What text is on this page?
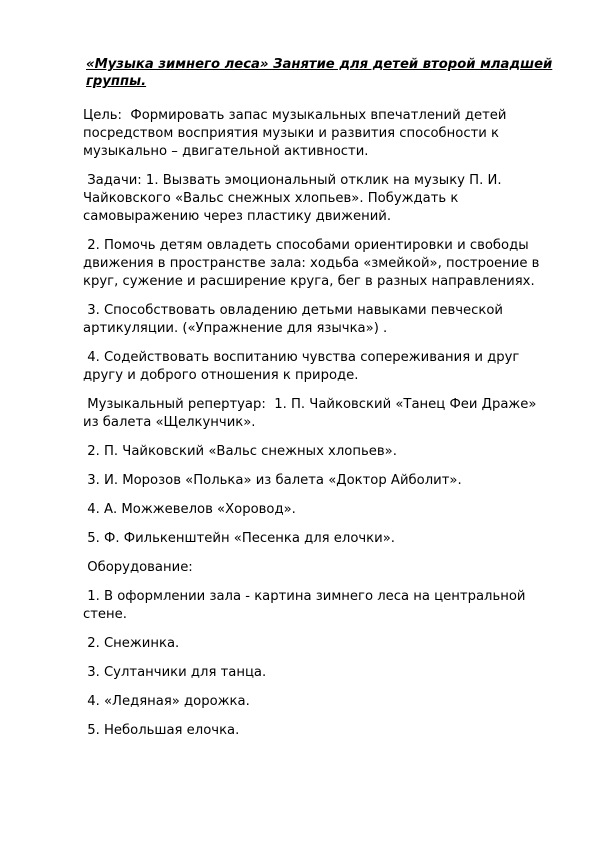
«Музыка зимнего леса» Занятие для детей второй младшей группы.
Цель:  Формировать запас музыкальных впечатлений детей посредством восприятия музыки и развития способности к музыкально – двигательной активности.
Задачи: 1. Вызвать эмоциональный отклик на музыку П. И. Чайковского «Вальс снежных хлопьев». Побуждать к самовыражению через пластику движений.
2. Помочь детям овладеть способами ориентировки и свободы движения в пространстве зала: ходьба «змейкой», построение в круг, сужение и расширение круга, бег в разных направлениях.
3. Способствовать овладению детьми навыками певческой артикуляции. («Упражнение для язычка») .
4. Содействовать воспитанию чувства сопереживания и друг другу и доброго отношения к природе.
Музыкальный репертуар:  1. П. Чайковский «Танец Феи Драже» из балета «Щелкунчик».
2. П. Чайковский «Вальс снежных хлопьев».
3. И. Морозов «Полька» из балета «Доктор Айболит».
4. А. Можжевелов «Хоровод».
5. Ф. Филькенштейн «Песенка для елочки».
Оборудование:
1. В оформлении зала - картина зимнего леса на центральной стене.
2. Снежинка.
3. Султанчики для танца.
4. «Ледяная» дорожка.
5. Небольшая елочка.
